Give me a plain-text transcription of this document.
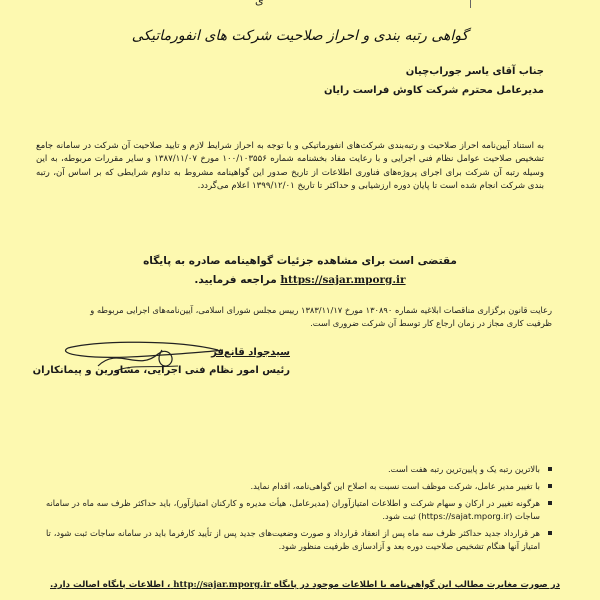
ی
گواهی رتبه بندی و احراز صلاحیت شرکت های انفورماتیکی
جناب آقای یاسر جوراب‌چیان
مدیرعامل محترم شرکت کاوش فراست رایان
به استناد آیین‌نامه احراز صلاحیت و رتبه‌بندی شرکت‌های انفورماتیکی و با توجه به احراز شرایط لازم و تایید صلاحیت آن شرکت در سامانه جامع تشخیص صلاحیت عوامل نظام فنی اجرایی و با رعایت مفاد بخشنامه شماره ۱۰۰/۱۰۳۵۵۶ مورخ ۱۳۸۷/۱۱/۰۷ و سایر مقررات مربوطه، به این وسیله رتبه آن شرکت برای اجرای پروژه‌های فناوری اطلاعات از تاریخ صدور این گواهینامه مشروط به تداوم شرایطی که بر اساس آن، رتبه بندی شرکت انجام شده است تا پایان دوره ارزشیابی و حداکثر تا تاریخ ۱۳۹۹/۱۲/۰۱ اعلام می‌گردد.
مقتضی است برای مشاهده جزئیات گواهینامه صادره به پایگاه
https://sajar.mporg.ir مراجعه فرمایید.
رعایت قانون برگزاری مناقصات ابلاغیه شماره ۱۳۰۸۹۰ مورخ ۱۳۸۳/۱۱/۱۷ رییس مجلس شورای اسلامی، آیین‌نامه‌های اجرایی مربوطه و ظرفیت کاری مجاز در زمان ارجاع کار توسط آن شرکت ضروری است.
سیدجواد قانع‌فر
رئیس امور نظام فنی اجرایی، مشاورین و پیمانکاران
بالاترین رتبه یک و پایین‌ترین رتبه هفت است.
با تغییر مدیر عامل، شرکت موظف است نسبت به اصلاح این گواهی‌نامه، اقدام نماید.
هرگونه تغییر در ارکان و سهام شرکت و اطلاعات امتیازآوران (مدیرعامل، هیأت مدیره و کارکنان امتیازآور)، باید حداکثر ظرف سه ماه در سامانه ساجات (https://sajat.mporg.ir) ثبت شود.
هر قرارداد جدید حداکثر ظرف سه ماه پس از انعقاد قرارداد و صورت وضعیت‌های جدید پس از تأیید کارفرما باید در سامانه ساجات ثبت شود، تا امتیاز آنها هنگام تشخیص صلاحیت دوره بعد و آزادسازی ظرفیت منظور شود.
در صورت مغایرت مطالب این گواهی‌نامه با اطلاعات موجود در پایگاه http://sajar.mporg.ir ، اطلاعات پایگاه اصالت دارد.
